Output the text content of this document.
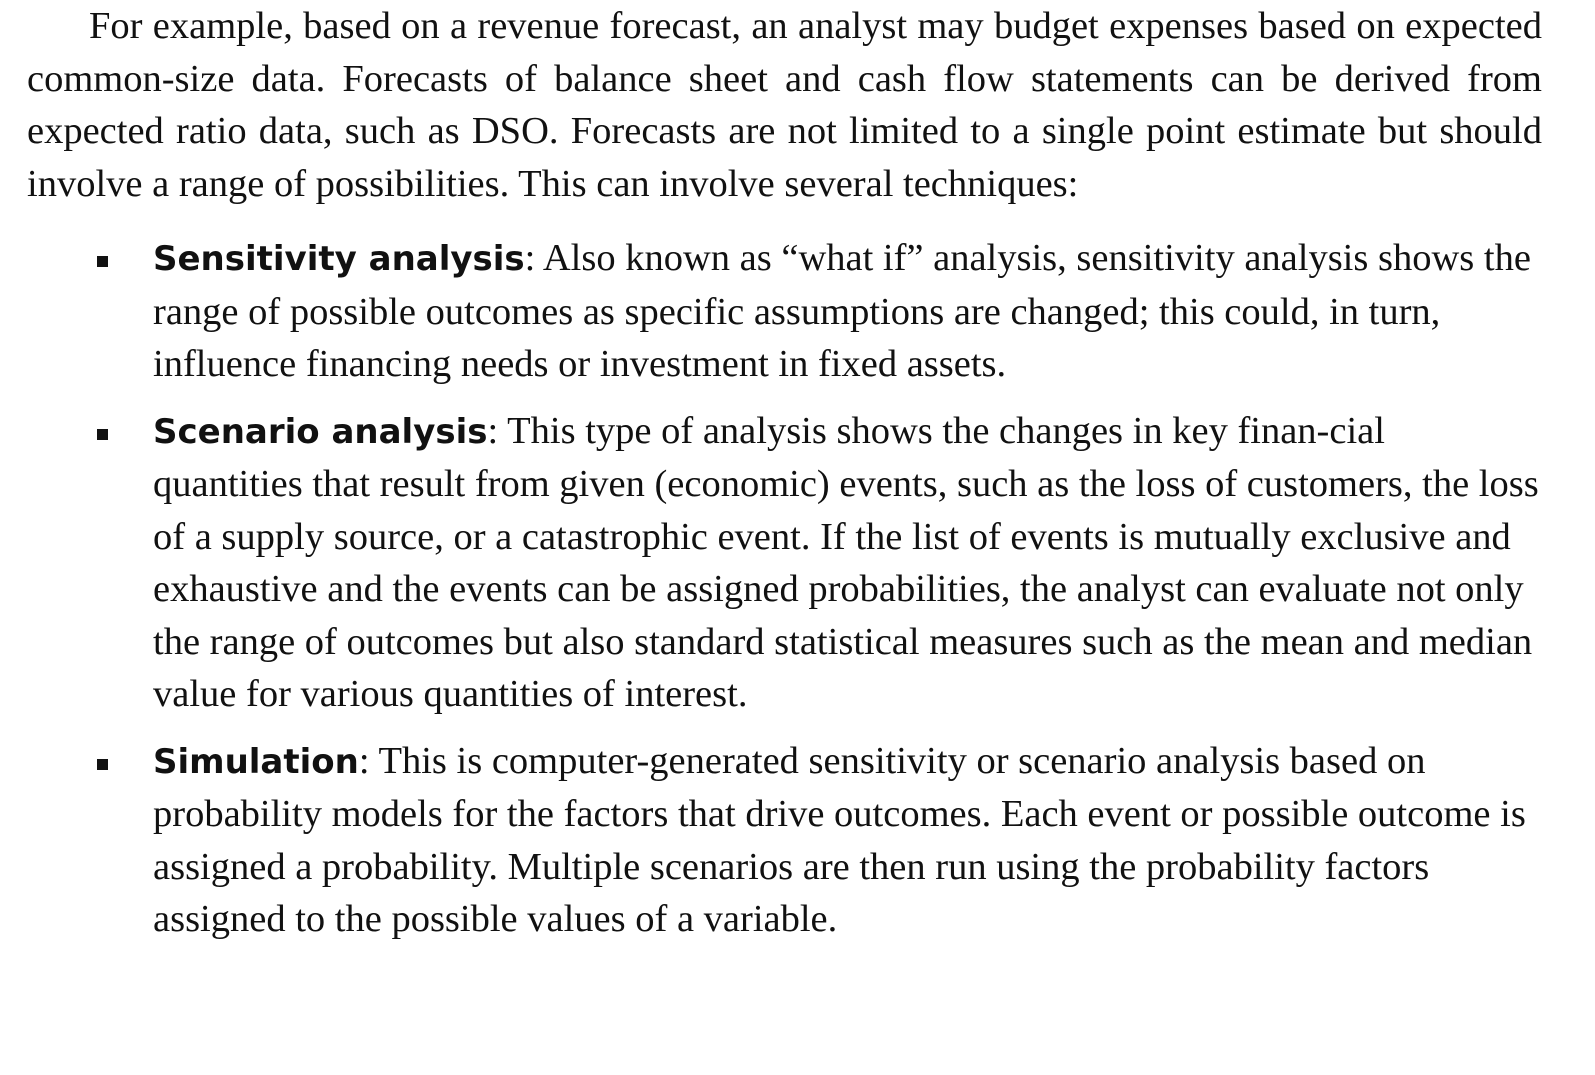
For example, based on a revenue forecast, an analyst may budget expenses based on expected common-size data. Forecasts of balance sheet and cash flow statements can be derived from expected ratio data, such as DSO. Forecasts are not limited to a single point estimate but should involve a range of possibilities. This can involve several techniques:

Sensitivity analysis: Also known as “what if” analysis, sensitivity analysis shows the range of possible outcomes as specific assumptions are changed; this could, in turn, influence financing needs or investment in fixed assets.
Scenario analysis: This type of analysis shows the changes in key finan-cial quantities that result from given (economic) events, such as the loss of customers, the loss of a supply source, or a catastrophic event. If the list of events is mutually exclusive and exhaustive and the events can be assigned probabilities, the analyst can evaluate not only the range of outcomes but also standard statistical measures such as the mean and median value for various quantities of interest.
Simulation: This is computer-generated sensitivity or scenario analysis based on probability models for the factors that drive outcomes. Each event or possible outcome is assigned a probability. Multiple scenarios are then run using the probability factors assigned to the possible values of a variable.
